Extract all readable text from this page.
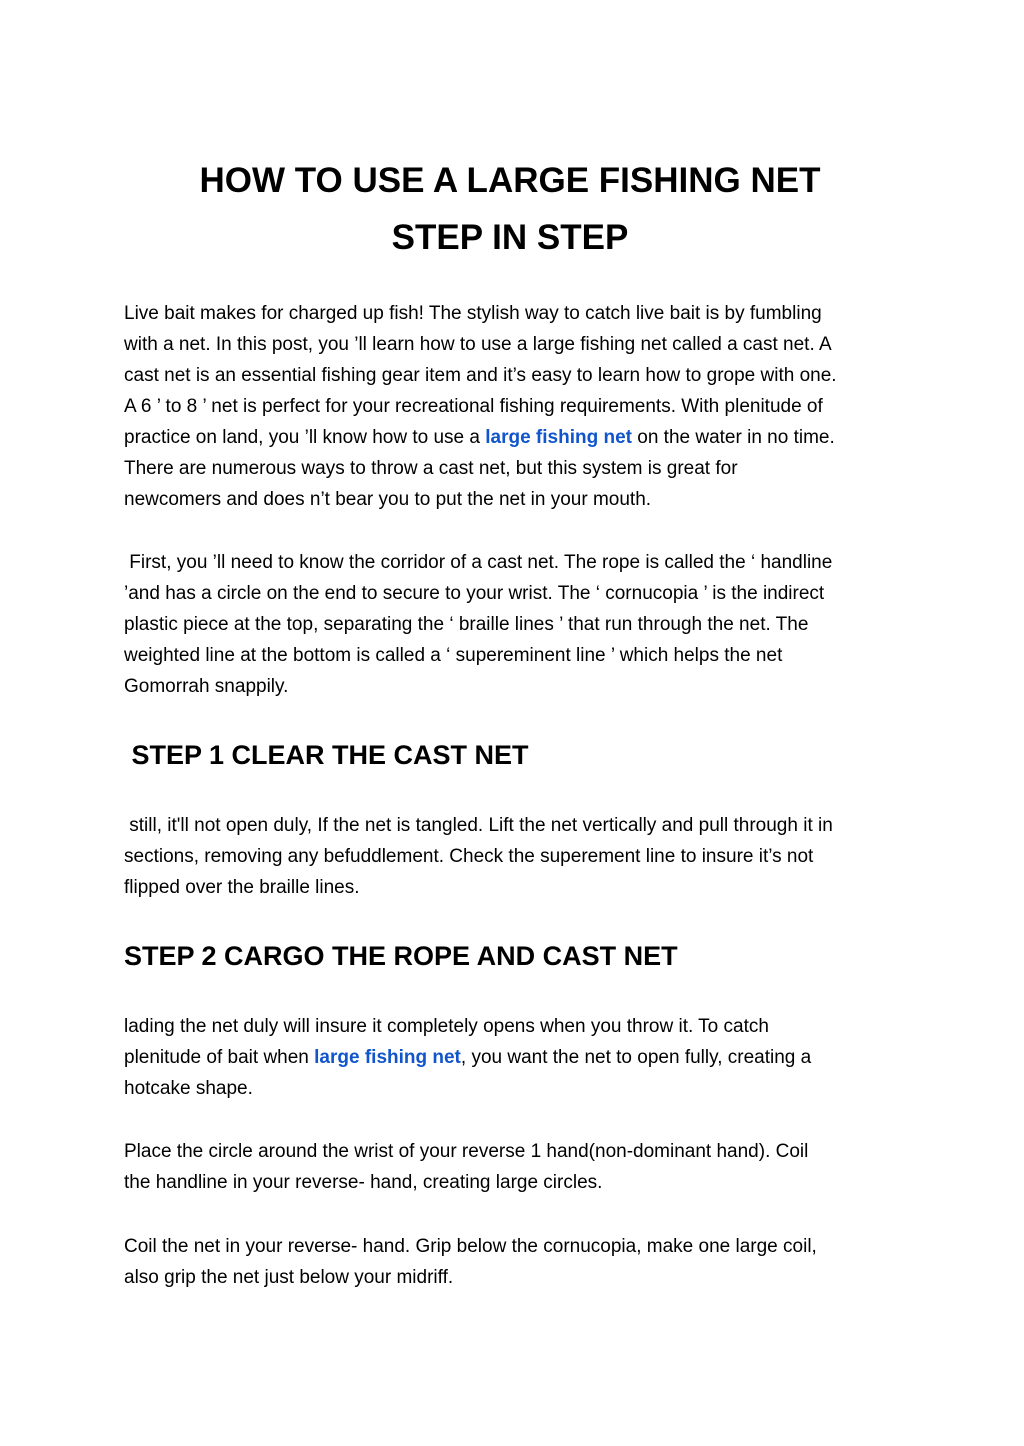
HOW TO USE A LARGE FISHING NET
STEP IN STEP

Live bait makes for charged up fish! The stylish way to catch live bait is by fumbling
with a net. In this post, you ’ll learn how to use a large fishing net called a cast net. A
cast net is an essential fishing gear item and it’s easy to learn how to grope with one.
A 6 ’ to 8 ’ net is perfect for your recreational fishing requirements. With plenitude of
practice on land, you ’ll know how to use a large fishing net on the water in no time.
There are numerous ways to throw a cast net, but this system is great for
newcomers and does n’t bear you to put the net in your mouth.

First, you ’ll need to know the corridor of a cast net. The rope is called the ‘ handline
’and has a circle on the end to secure to your wrist. The ‘ cornucopia ’ is the indirect
plastic piece at the top, separating the ‘ braille lines ’ that run through the net. The
weighted line at the bottom is called a ‘ supereminent line ’ which helps the net
Gomorrah snappily.

STEP 1 CLEAR THE CAST NET

still, it'll not open duly, If the net is tangled. Lift the net vertically and pull through it in
sections, removing any befuddlement. Check the superement line to insure it’s not
flipped over the braille lines.

STEP 2 CARGO THE ROPE AND CAST NET

lading the net duly will insure it completely opens when you throw it. To catch
plenitude of bait when large fishing net, you want the net to open fully, creating a
hotcake shape.

Place the circle around the wrist of your reverse 1 hand(non-dominant hand). Coil
the handline in your reverse- hand, creating large circles.

Coil the net in your reverse- hand. Grip below the cornucopia, make one large coil,
also grip the net just below your midriff.
